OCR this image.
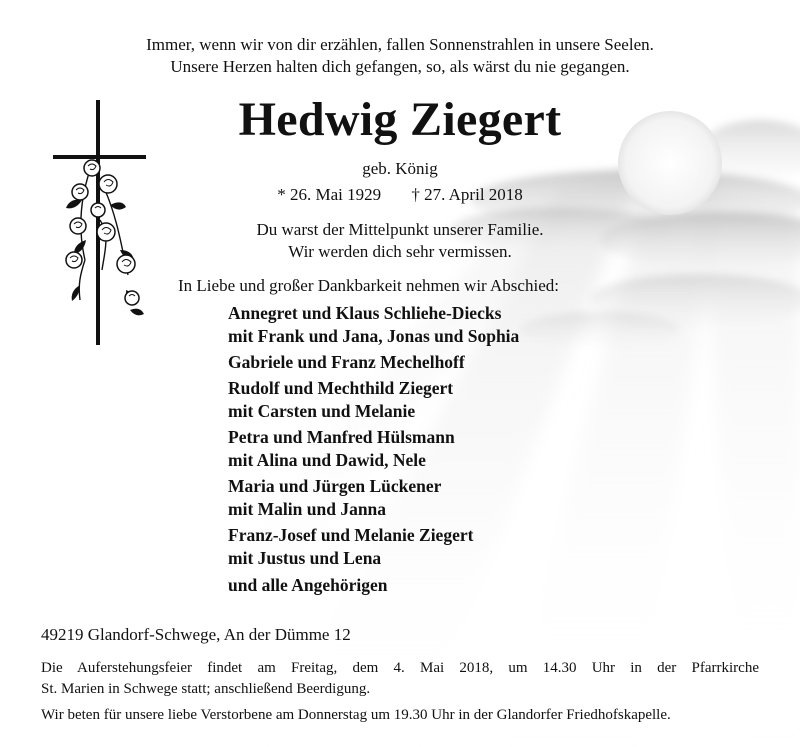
Immer, wenn wir von dir erzählen, fallen Sonnenstrahlen in unsere Seelen.
Unsere Herzen halten dich gefangen, so, als wärst du nie gegangen.
Hedwig Ziegert
geb. König
* 26. Mai 1929 † 27. April 2018
Du warst der Mittelpunkt unserer Familie.
Wir werden dich sehr vermissen.
In Liebe und großer Dankbarkeit nehmen wir Abschied:
Annegret und Klaus Schliehe-Diecks
mit Frank und Jana, Jonas und Sophia
Gabriele und Franz Mechelhoff
Rudolf und Mechthild Ziegert
mit Carsten und Melanie
Petra und Manfred Hülsmann
mit Alina und Dawid, Nele
Maria und Jürgen Lückener
mit Malin und Janna
Franz-Josef und Melanie Ziegert
mit Justus und Lena
und alle Angehörigen
49219 Glandorf-Schwege, An der Dümme 12
Die Auferstehungsfeier findet am Freitag, dem 4. Mai 2018, um 14.30 Uhr in der Pfarrkirche
St. Marien in Schwege statt; anschließend Beerdigung.
Wir beten für unsere liebe Verstorbene am Donnerstag um 19.30 Uhr in der Glandorfer Friedhofskapelle.
